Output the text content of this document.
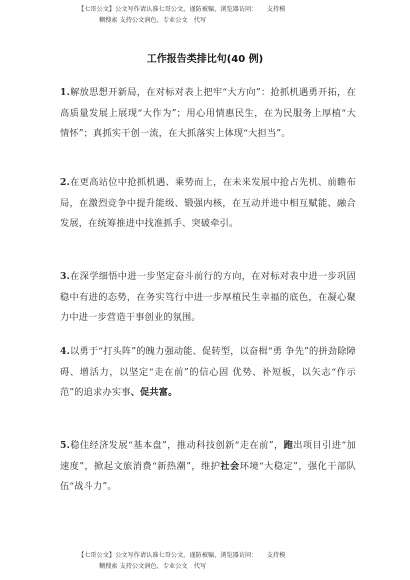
【七哥公文】公文写作请认准七哥公文，谨防被骗，浏览器访问：　　支持模
糊搜索 支持公文润色、专业公文　代写
工作报告类排比句(40 例)
1.解放思想开新局，在对标对表上把牢“大方向”：抢抓机遇勇开拓，在高质量发展上展现“大作为”；用心用情惠民生，在为民服务上厚植“大情怀”；真抓实干创一流，在大抓落实上体现“大担当”。
2.在更高站位中抢抓机遇、乘势而上，在未来发展中抢占先机、前瞻布局，在激烈竞争中提升能级、锻强内核，在互动并进中相互赋能、融合发展，在统筹推进中找准抓手、突破牵引。
3.在深学细悟中进一步坚定奋斗前行的方向，在对标对表中进一步巩固稳中有进的态势，在务实笃行中进一步厚植民生幸福的底色，在凝心聚力中进一步营造干事创业的氛围。
4.以勇于“打头阵”的魄力强动能、促转型，以奋楫“勇 争先”的拼劲除障碍、增活力，以坚定“走在前”的信心固 优势、补短板，以矢志“作示范”的追求办实事、促共富。
5.稳住经济发展“基本盘”，推动科技创新“走在前”，跑出项目引进“加速度”，掀起文旅消费“新热潮”，维护社会环境“大稳定”，强化干部队伍“战斗力”。
【七哥公文】公文写作请认准七哥公文，谨防被骗，浏览器访问：　　支持模
糊搜索 支持公文润色、专业公文　代写
